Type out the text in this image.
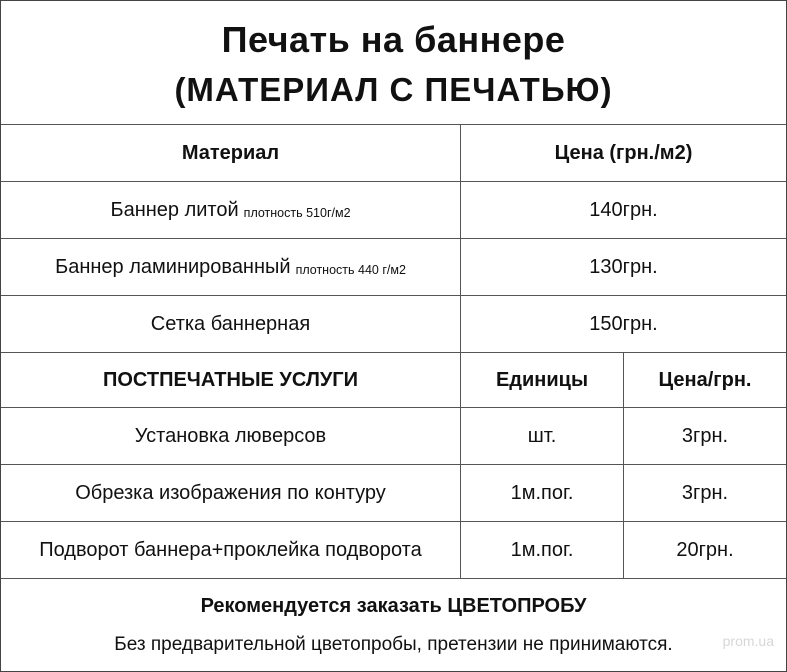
Печать на баннере
(МАТЕРИАЛ С ПЕЧАТЬЮ)
Материал	Цена (грн./м2)
Баннер литой плотность 510г/м2	140грн.
Баннер ламинированный плотность 440 г/м2	130грн.
Сетка баннерная	150грн.
ПОСТПЕЧАТНЫЕ УСЛУГИ	Единицы	Цена/грн.
Установка люверсов	шт.	3грн.
Обрезка изображения по контуру	1м.пог.	3грн.
Подворот баннера+проклейка подворота	1м.пог.	20грн.
Рекомендуется заказать ЦВЕТОПРОБУ
Без предварительной цветопробы, претензии не принимаются.	prom.ua
